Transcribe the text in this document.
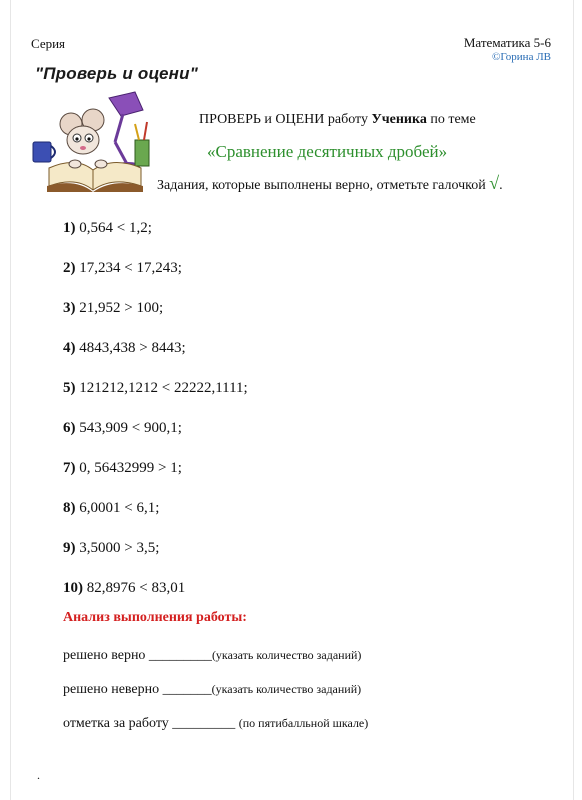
Серия	Математика 5-6
©Горина ЛВ
"Проверь и оцени"
ПРОВЕРЬ и ОЦЕНИ работу Ученика по теме
«Сравнение десятичных дробей»
Задания, которые выполнены верно, отметьте галочкой √.
1) 0,564 < 1,2;
2) 17,234 < 17,243;
3) 21,952 > 100;
4) 4843,438 > 8443;
5) 121212,1212 < 22222,1111;
6) 543,909 < 900,1;
7) 0, 56432999 > 1;
8) 6,0001 < 6,1;
9) 3,5000 > 3,5;
10) 82,8976 < 83,01
Анализ выполнения работы:
решено верно _________(указать количество заданий)
решено неверно _______(указать количество заданий)
отметка за работу _________ (по пятибалльной шкале)
.
